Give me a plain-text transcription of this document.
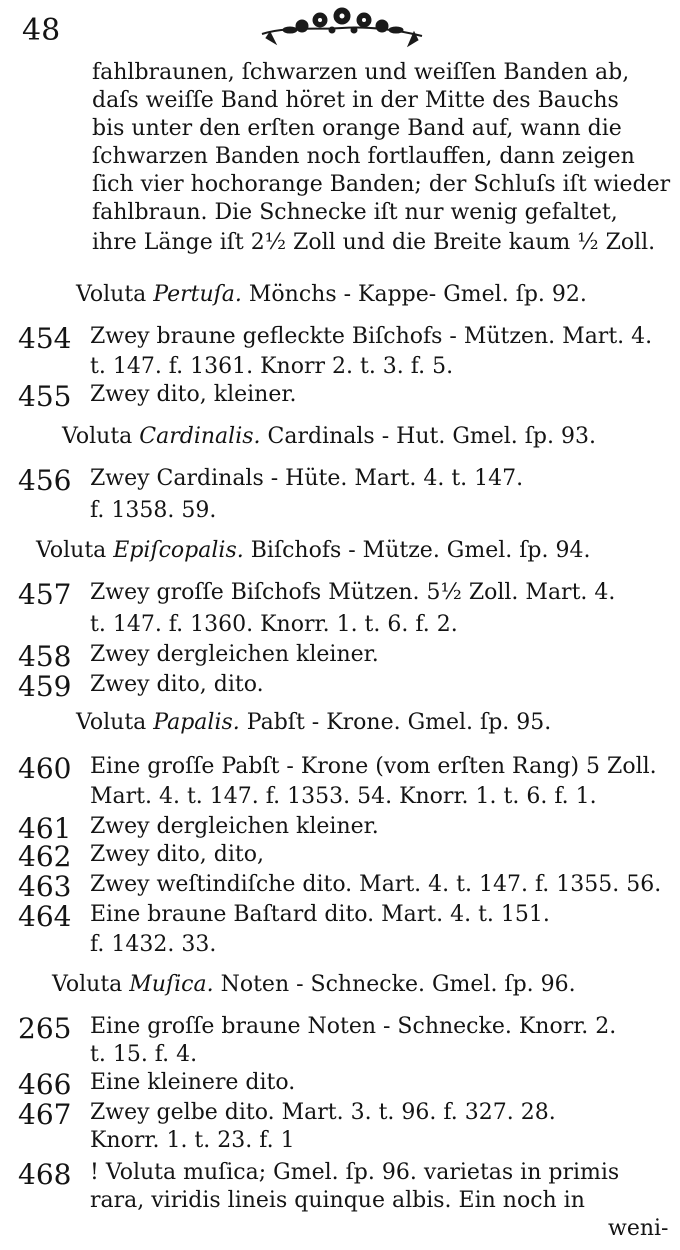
48
fahlbraunen, ſchwarzen und weiſſen Banden ab,
daſs weiſſe Band höret in der Mitte des Bauchs
bis unter den erſten orange Band auf, wann die
ſchwarzen Banden noch fortlauffen, dann zeigen
ſich vier hochorange Banden; der Schluſs iſt wieder
fahlbraun. Die Schnecke iſt nur wenig gefaltet,
ihre Länge iſt 2½ Zoll und die Breite kaum ½ Zoll.
Voluta Pertuſa. Mönchs - Kappe- Gmel. ſp. 92.
454 Zwey braune gefleckte Biſchofs - Mützen. Mart. 4.
t. 147. f. 1361. Knorr 2. t. 3. f. 5.
455 Zwey dito, kleiner.
Voluta Cardinalis. Cardinals - Hut. Gmel. ſp. 93.
456 Zwey Cardinals - Hüte. Mart. 4. t. 147.
f. 1358. 59.
Voluta Epiſcopalis. Biſchofs - Mütze. Gmel. ſp. 94.
457 Zwey groſſe Biſchofs Mützen. 5½ Zoll. Mart. 4.
t. 147. f. 1360. Knorr. 1. t. 6. f. 2.
458 Zwey dergleichen kleiner.
459 Zwey dito, dito.
Voluta Papalis. Pabſt - Krone. Gmel. ſp. 95.
460 Eine groſſe Pabſt - Krone (vom erſten Rang) 5 Zoll.
Mart. 4. t. 147. f. 1353. 54. Knorr. 1. t. 6. f. 1.
461 Zwey dergleichen kleiner.
462 Zwey dito, dito,
463 Zwey weſtindiſche dito. Mart. 4. t. 147. f. 1355. 56.
464 Eine braune Baſtard dito. Mart. 4. t. 151.
f. 1432. 33.
Voluta Muſica. Noten - Schnecke. Gmel. ſp. 96.
265 Eine groſſe braune Noten - Schnecke. Knorr. 2.
t. 15. f. 4.
466 Eine kleinere dito.
467 Zwey gelbe dito. Mart. 3. t. 96. f. 327. 28.
Knorr. 1. t. 23. f. 1
468 ! Voluta muſica; Gmel. ſp. 96. varietas in primis
rara, viridis lineis quinque albis. Ein noch in
weni-
